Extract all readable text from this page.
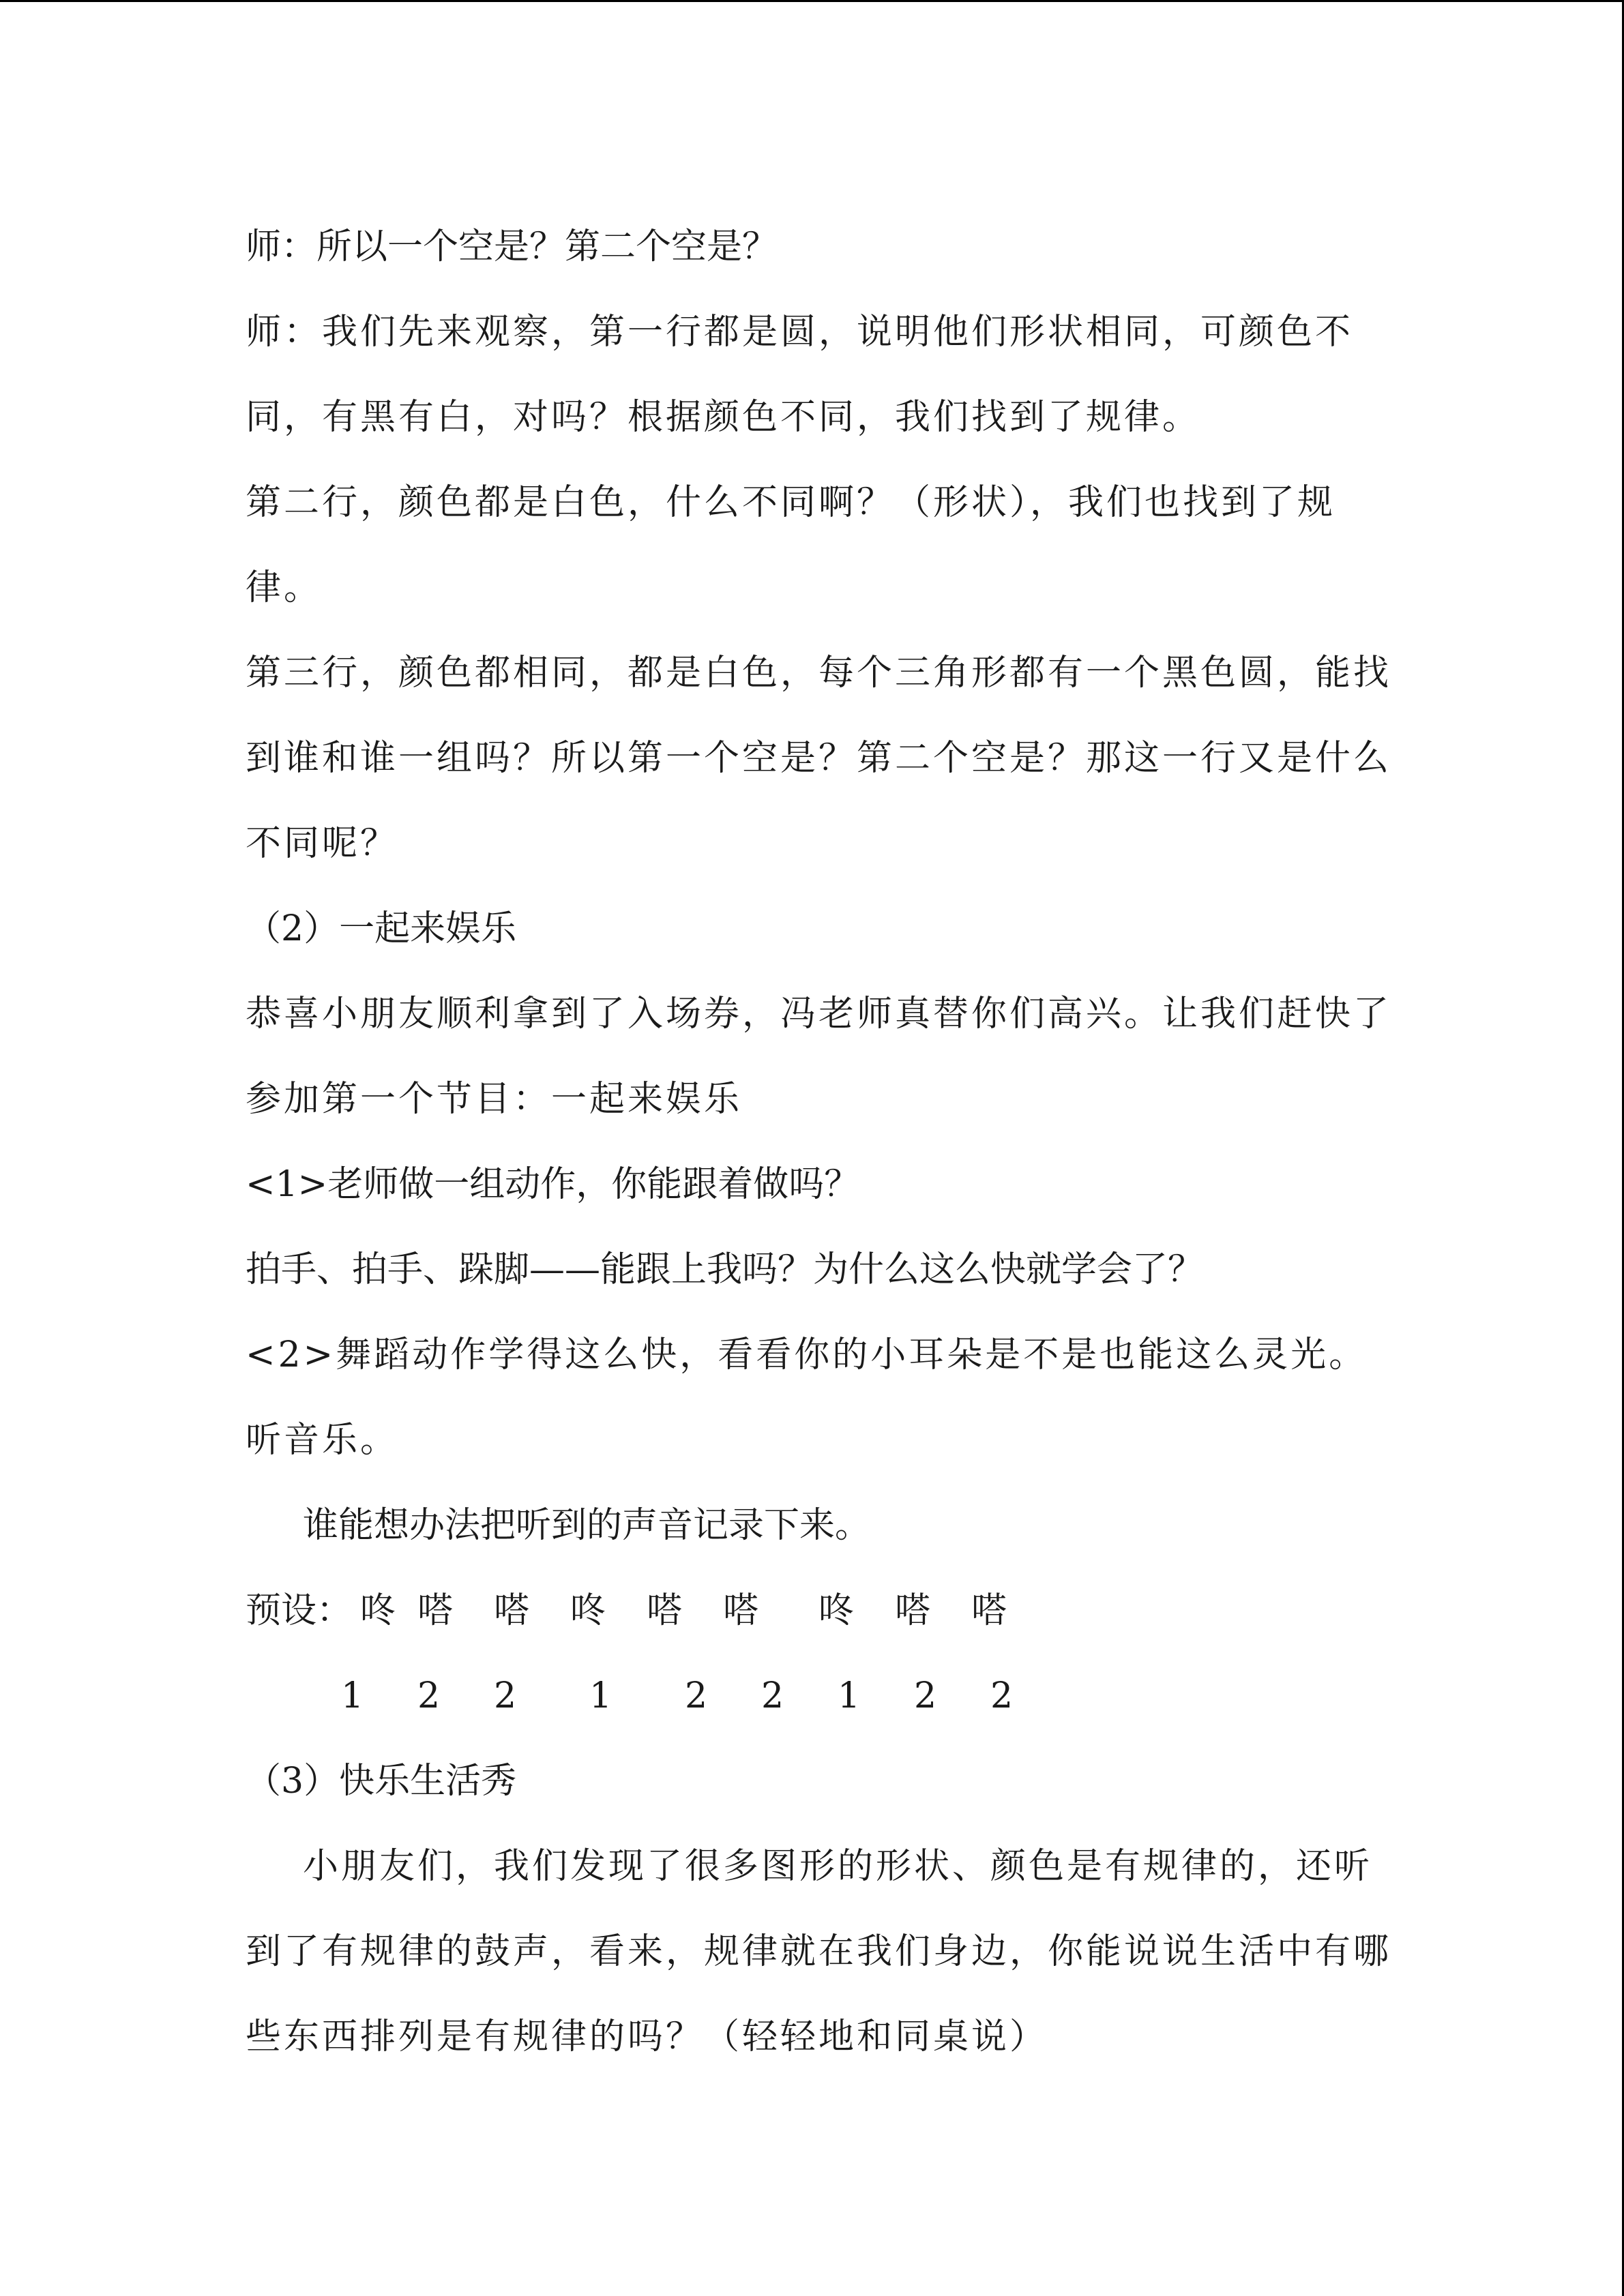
师：所以一个空是？第二个空是？

师：我们先来观察，第一行都是圆，说明他们形状相同，可颜色不同，有黑有白，对吗？根据颜色不同，我们找到了规律。

第二行，颜色都是白色，什么不同啊？（形状），我们也找到了规律。

第三行，颜色都相同，都是白色，每个三角形都有一个黑色圆，能找到谁和谁一组吗？所以第一个空是？第二个空是？那这一行又是什么不同呢？

（2）一起来娱乐

恭喜小朋友顺利拿到了入场券，冯老师真替你们高兴。让我们赶快了参加第一个节目：一起来娱乐

<1>老师做一组动作，你能跟着做吗？

拍手、拍手、跺脚——能跟上我吗？为什么这么快就学会了？

<2>舞蹈动作学得这么快，看看你的小耳朵是不是也能这么灵光。听音乐。

谁能想办法把听到的声音记录下来。

预设： 咚 嗒 嗒 咚 嗒 嗒 咚 嗒 嗒
1 2 2 1 2 2 1 2 2

（3）快乐生活秀

小朋友们，我们发现了很多图形的形状、颜色是有规律的，还听到了有规律的鼓声，看来，规律就在我们身边，你能说说生活中有哪些东西排列是有规律的吗？（轻轻地和同桌说）
